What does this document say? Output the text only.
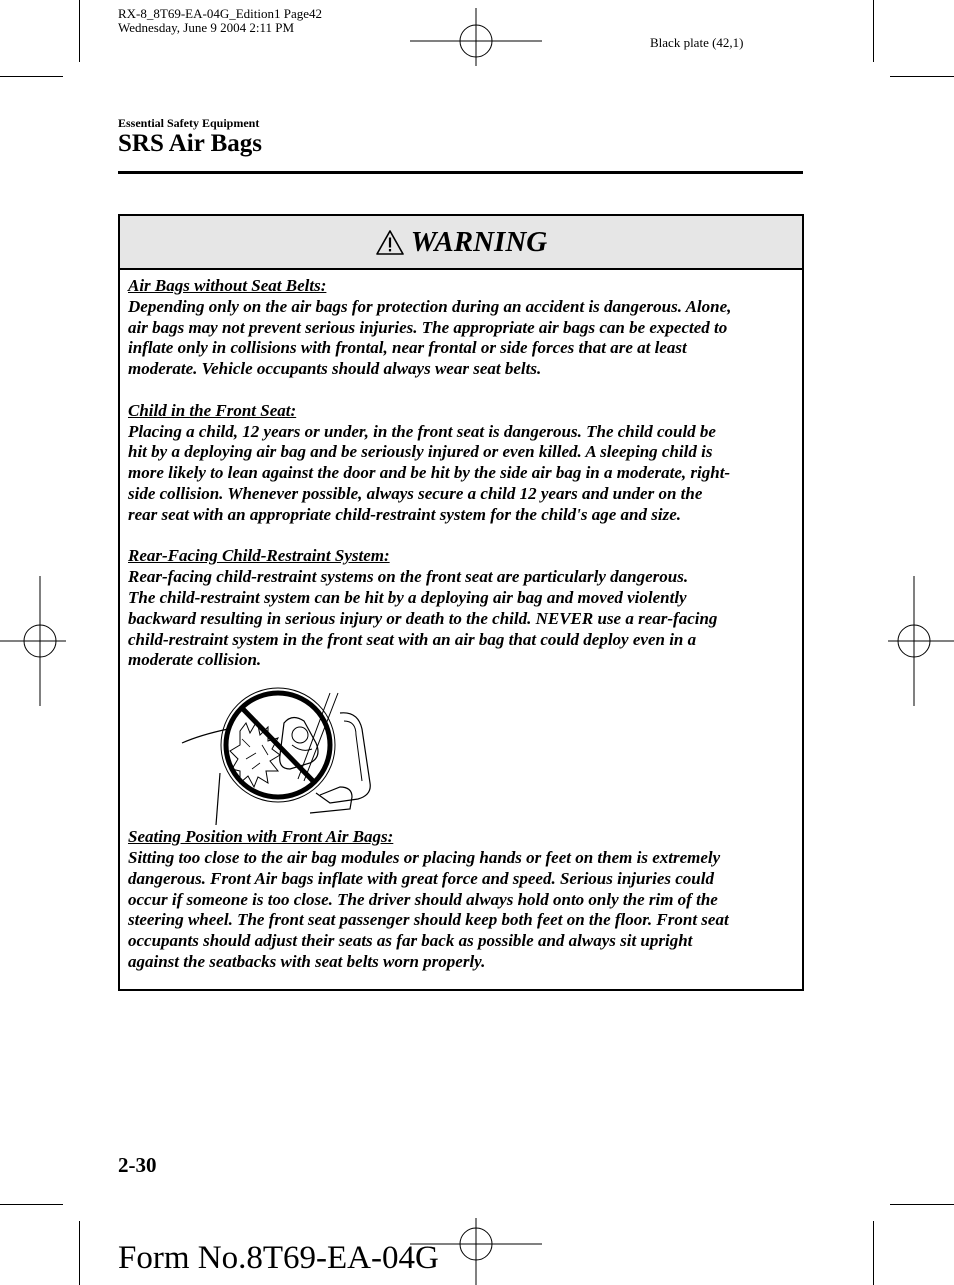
RX-8_8T69-EA-04G_Edition1 Page42
Wednesday, June 9 2004 2:11 PM
Black plate (42,1)
Essential Safety Equipment
SRS Air Bags
WARNING
Air Bags without Seat Belts:
Depending only on the air bags for protection during an accident is dangerous. Alone,
air bags may not prevent serious injuries. The appropriate air bags can be expected to
inflate only in collisions with frontal, near frontal or side forces that are at least
moderate. Vehicle occupants should always wear seat belts.
Child in the Front Seat:
Placing a child, 12 years or under, in the front seat is dangerous. The child could be
hit by a deploying air bag and be seriously injured or even killed. A sleeping child is
more likely to lean against the door and be hit by the side air bag in a moderate, right-
side collision. Whenever possible, always secure a child 12 years and under on the
rear seat with an appropriate child-restraint system for the child's age and size.
Rear-Facing Child-Restraint System:
Rear-facing child-restraint systems on the front seat are particularly dangerous.
The child-restraint system can be hit by a deploying air bag and moved violently
backward resulting in serious injury or death to the child. NEVER use a rear-facing
child-restraint system in the front seat with an air bag that could deploy even in a
moderate collision.
Seating Position with Front Air Bags:
Sitting too close to the air bag modules or placing hands or feet on them is extremely
dangerous. Front Air bags inflate with great force and speed. Serious injuries could
occur if someone is too close. The driver should always hold onto only the rim of the
steering wheel. The front seat passenger should keep both feet on the floor. Front seat
occupants should adjust their seats as far back as possible and always sit upright
against the seatbacks with seat belts worn properly.
2-30
Form No.8T69-EA-04G
